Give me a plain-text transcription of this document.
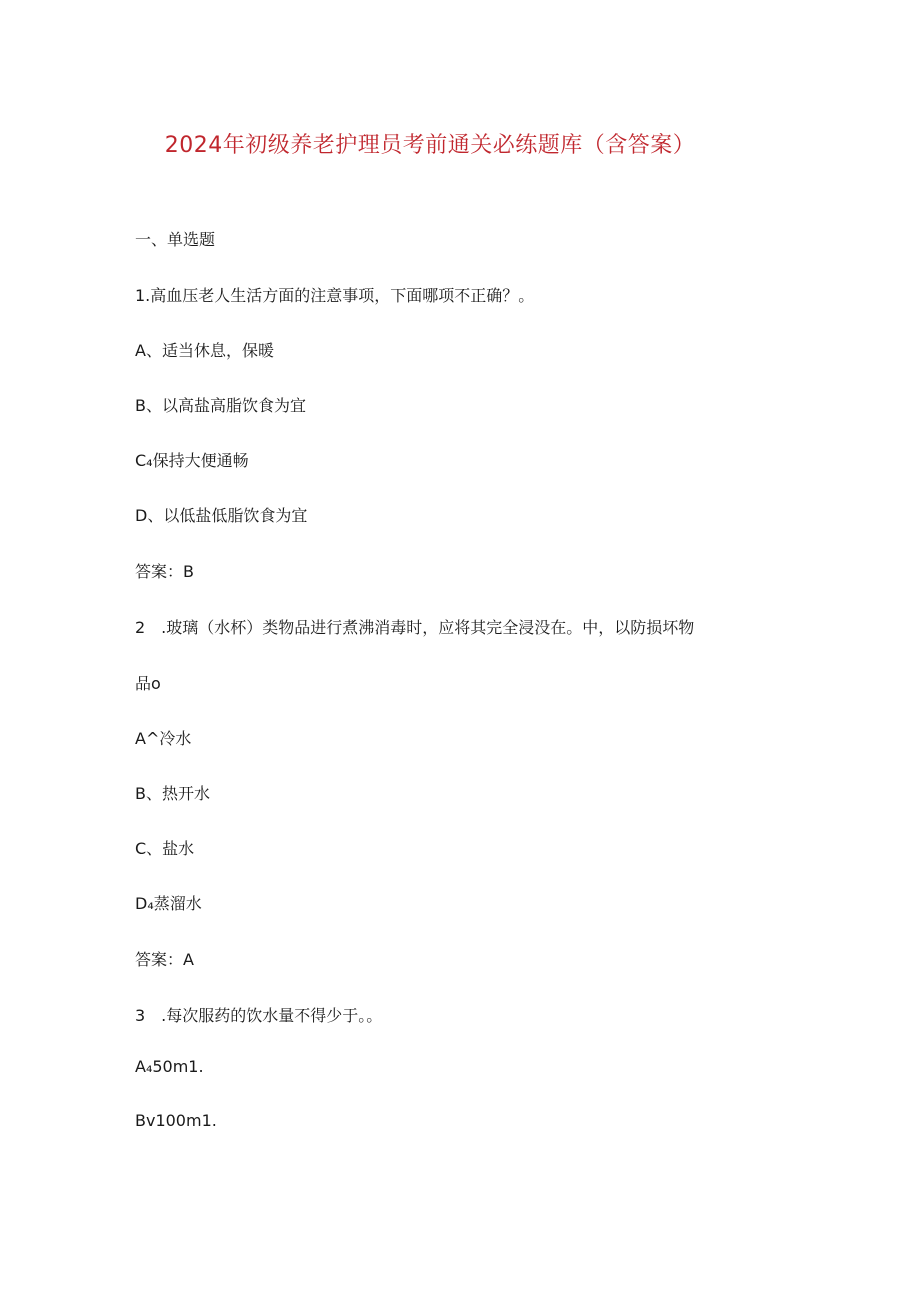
2024年初级养老护理员考前通关必练题库（含答案）
一、单选题
1.高血压老人生活方面的注意事项，下面哪项不正确？。
A、适当休息，保暖
B、以高盐高脂饮食为宜
C₄保持大便通畅
D、以低盐低脂饮食为宜
答案：B
2　.玻璃（水杯）类物品进行煮沸消毒时，应将其完全浸没在。中，以防损坏物
品o
A^冷水
B、热开水
C、盐水
D₄蒸溜水
答案：A
3　.每次服药的饮水量不得少于。。
A₄50m1.
Bv100m1.
